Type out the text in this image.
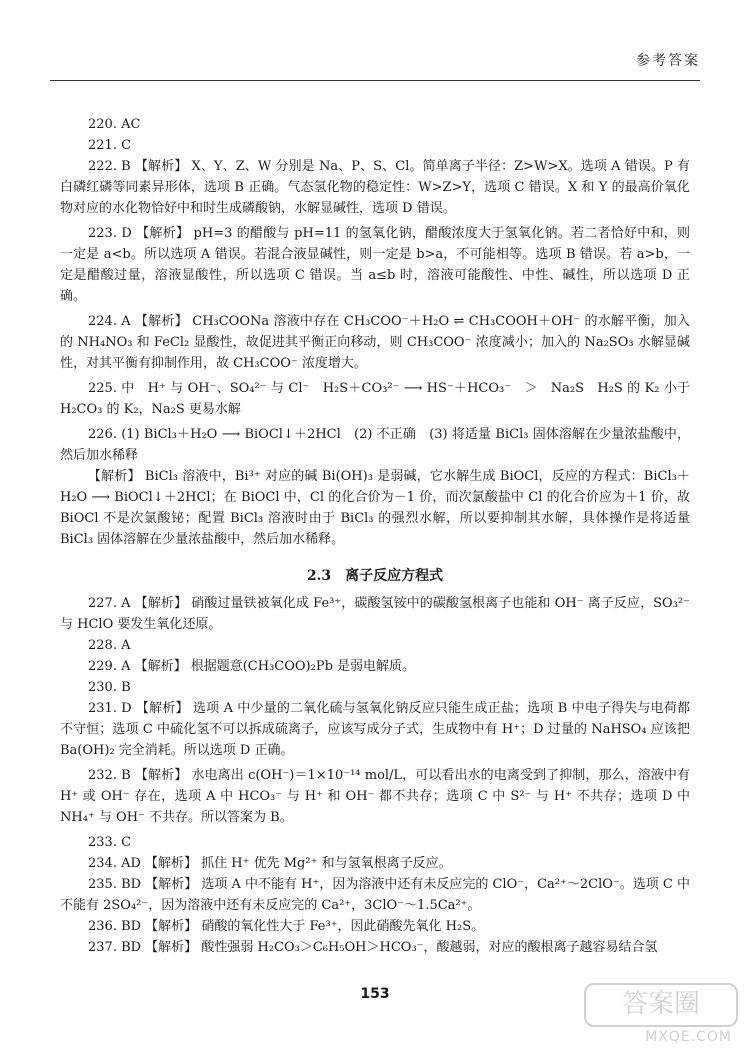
参考答案

220. AC

221. C

222. B 【解析】 X、Y、Z、W 分别是 Na、P、S、Cl。简单离子半径：Z>W>X。选项 A 错误。P 有白磷红磷等同素异形体，选项 B 正确。气态氢化物的稳定性：W>Z>Y，选项 C 错误。X 和 Y 的最高价氧化物对应的水化物恰好中和时生成磷酸钠，水解显碱性，选项 D 错误。

223. D 【解析】 pH=3 的醋酸与 pH=11 的氢氧化钠，醋酸浓度大于氢氧化钠。若二者恰好中和，则一定是 a<b。所以选项 A 错误。若混合液显碱性，则一定是 b>a，不可能相等。选项 B 错误。若 a>b，一定是醋酸过量，溶液显酸性，所以选项 C 错误。当 a≤b 时，溶液可能酸性、中性、碱性，所以选项 D 正确。

224. A 【解析】 CH₃COONa 溶液中存在 CH₃COO⁻＋H₂O ⇌ CH₃COOH＋OH⁻ 的水解平衡，加入的 NH₄NO₃ 和 FeCl₂ 显酸性，故促进其平衡正向移动，则 CH₃COO⁻ 浓度减小；加入的 Na₂SO₃ 水解显碱性，对其平衡有抑制作用，故 CH₃COO⁻ 浓度增大。

225. 中　H⁺ 与 OH⁻、SO₄²⁻ 与 Cl⁻　H₂S＋CO₃²⁻ ⟶ HS⁻＋HCO₃⁻　＞　Na₂S　H₂S 的 K₂ 小于 H₂CO₃ 的 K₂，Na₂S 更易水解

226. (1) BiCl₃＋H₂O ⟶ BiOCl↓＋2HCl　(2) 不正确　(3) 将适量 BiCl₃ 固体溶解在少量浓盐酸中，然后加水稀释

【解析】 BiCl₃ 溶液中，Bi³⁺ 对应的碱 Bi(OH)₃ 是弱碱，它水解生成 BiOCl，反应的方程式：BiCl₃＋H₂O ⟶ BiOCl↓＋2HCl；在 BiOCl 中，Cl 的化合价为－1 价，而次氯酸盐中 Cl 的化合价应为＋1 价，故 BiOCl 不是次氯酸铋；配置 BiCl₃ 溶液时由于 BiCl₃ 的强烈水解，所以要抑制其水解，具体操作是将适量 BiCl₃ 固体溶解在少量浓盐酸中，然后加水稀释。

2.3　离子反应方程式

227. A 【解析】 硝酸过量铁被氧化成 Fe³⁺，碳酸氢铵中的碳酸氢根离子也能和 OH⁻ 离子反应，SO₃²⁻ 与 HClO 要发生氧化还原。

228. A

229. A 【解析】 根据题意(CH₃COO)₂Pb 是弱电解质。

230. B

231. D 【解析】 选项 A 中少量的二氧化硫与氢氧化钠反应只能生成正盐；选项 B 中电子得失与电荷都不守恒；选项 C 中硫化氢不可以拆成硫离子，应该写成分子式，生成物中有 H⁺；D 过量的 NaHSO₄ 应该把 Ba(OH)₂ 完全消耗。所以选项 D 正确。

232. B 【解析】 水电离出 c(OH⁻)＝1×10⁻¹⁴ mol/L，可以看出水的电离受到了抑制，那么，溶液中有 H⁺ 或 OH⁻ 存在，选项 A 中 HCO₃⁻ 与 H⁺ 和 OH⁻ 都不共存；选项 C 中 S²⁻ 与 H⁺ 不共存；选项 D 中 NH₄⁺ 与 OH⁻ 不共存。所以答案为 B。

233. C

234. AD 【解析】 抓住 H⁺ 优先 Mg²⁺ 和与氢氧根离子反应。

235. BD 【解析】 选项 A 中不能有 H⁺，因为溶液中还有未反应完的 ClO⁻，Ca²⁺～2ClO⁻。选项 C 中不能有 2SO₄²⁻，因为溶液中还有未反应完的 Ca²⁺，3ClO⁻～1.5Ca²⁺。

236. BD 【解析】 硝酸的氧化性大于 Fe³⁺，因此硝酸先氧化 H₂S。

237. BD 【解析】 酸性强弱 H₂CO₃＞C₆H₅OH＞HCO₃⁻，酸越弱，对应的酸根离子越容易结合氢

153	答案圈
MXQE.COM
